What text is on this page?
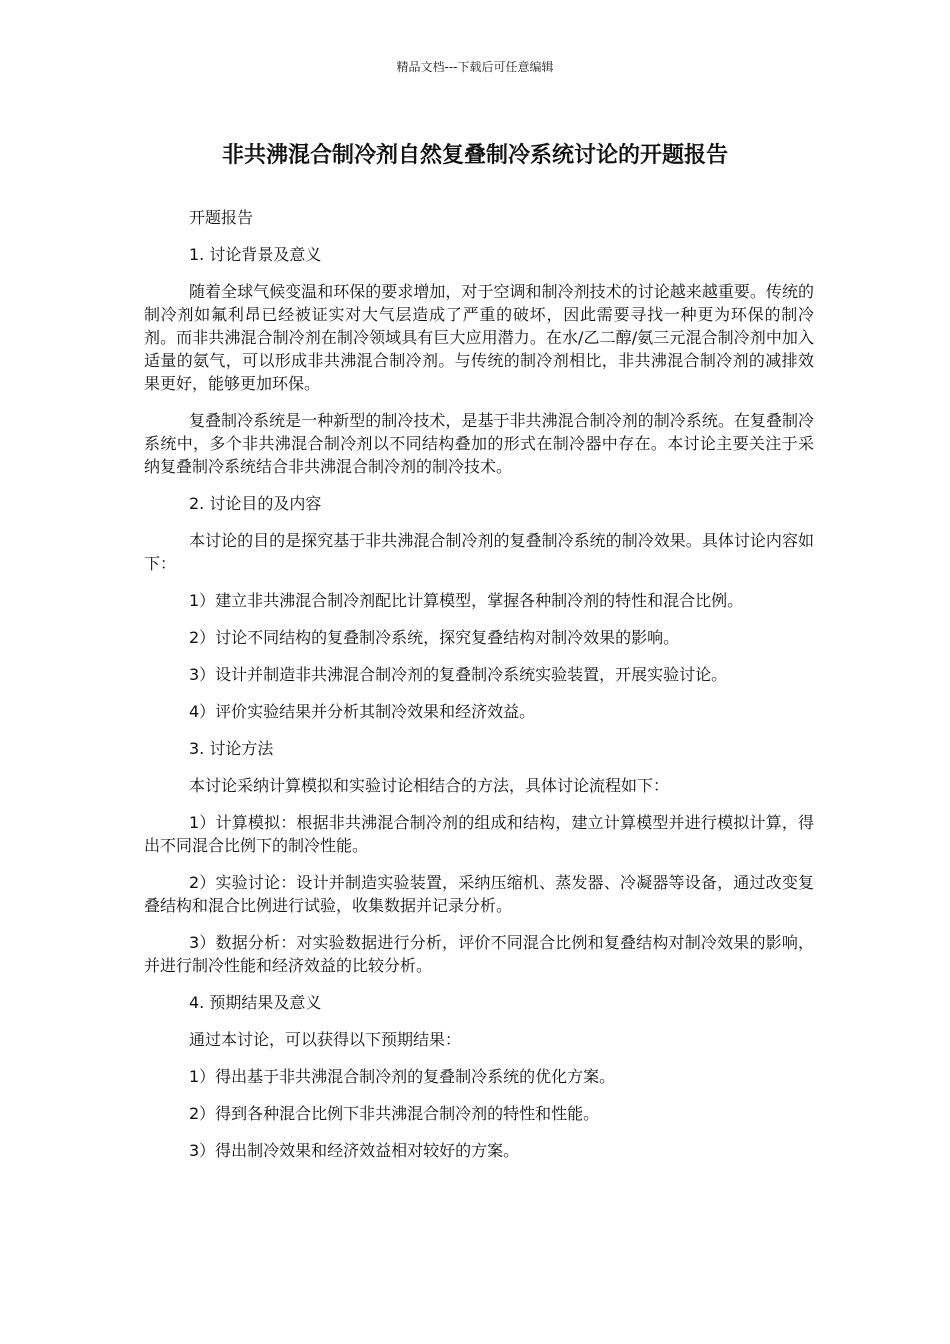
精品文档---下载后可任意编辑
非共沸混合制冷剂自然复叠制冷系统讨论的开题报告

开题报告

1. 讨论背景及意义

随着全球气候变温和环保的要求增加，对于空调和制冷剂技术的讨论越来越重要。传统的制冷剂如氟利昂已经被证实对大气层造成了严重的破坏，因此需要寻找一种更为环保的制冷剂。而非共沸混合制冷剂在制冷领域具有巨大应用潜力。在水/乙二醇/氨三元混合制冷剂中加入适量的氨气，可以形成非共沸混合制冷剂。与传统的制冷剂相比，非共沸混合制冷剂的减排效果更好，能够更加环保。

复叠制冷系统是一种新型的制冷技术，是基于非共沸混合制冷剂的制冷系统。在复叠制冷系统中，多个非共沸混合制冷剂以不同结构叠加的形式在制冷器中存在。本讨论主要关注于采纳复叠制冷系统结合非共沸混合制冷剂的制冷技术。

2. 讨论目的及内容

本讨论的目的是探究基于非共沸混合制冷剂的复叠制冷系统的制冷效果。具体讨论内容如下：

1）建立非共沸混合制冷剂配比计算模型，掌握各种制冷剂的特性和混合比例。

2）讨论不同结构的复叠制冷系统，探究复叠结构对制冷效果的影响。

3）设计并制造非共沸混合制冷剂的复叠制冷系统实验装置，开展实验讨论。

4）评价实验结果并分析其制冷效果和经济效益。

3. 讨论方法

本讨论采纳计算模拟和实验讨论相结合的方法，具体讨论流程如下：

1）计算模拟：根据非共沸混合制冷剂的组成和结构，建立计算模型并进行模拟计算，得出不同混合比例下的制冷性能。

2）实验讨论：设计并制造实验装置，采纳压缩机、蒸发器、冷凝器等设备，通过改变复叠结构和混合比例进行试验，收集数据并记录分析。

3）数据分析：对实验数据进行分析，评价不同混合比例和复叠结构对制冷效果的影响，并进行制冷性能和经济效益的比较分析。

4. 预期结果及意义

通过本讨论，可以获得以下预期结果：

1）得出基于非共沸混合制冷剂的复叠制冷系统的优化方案。

2）得到各种混合比例下非共沸混合制冷剂的特性和性能。

3）得出制冷效果和经济效益相对较好的方案。
